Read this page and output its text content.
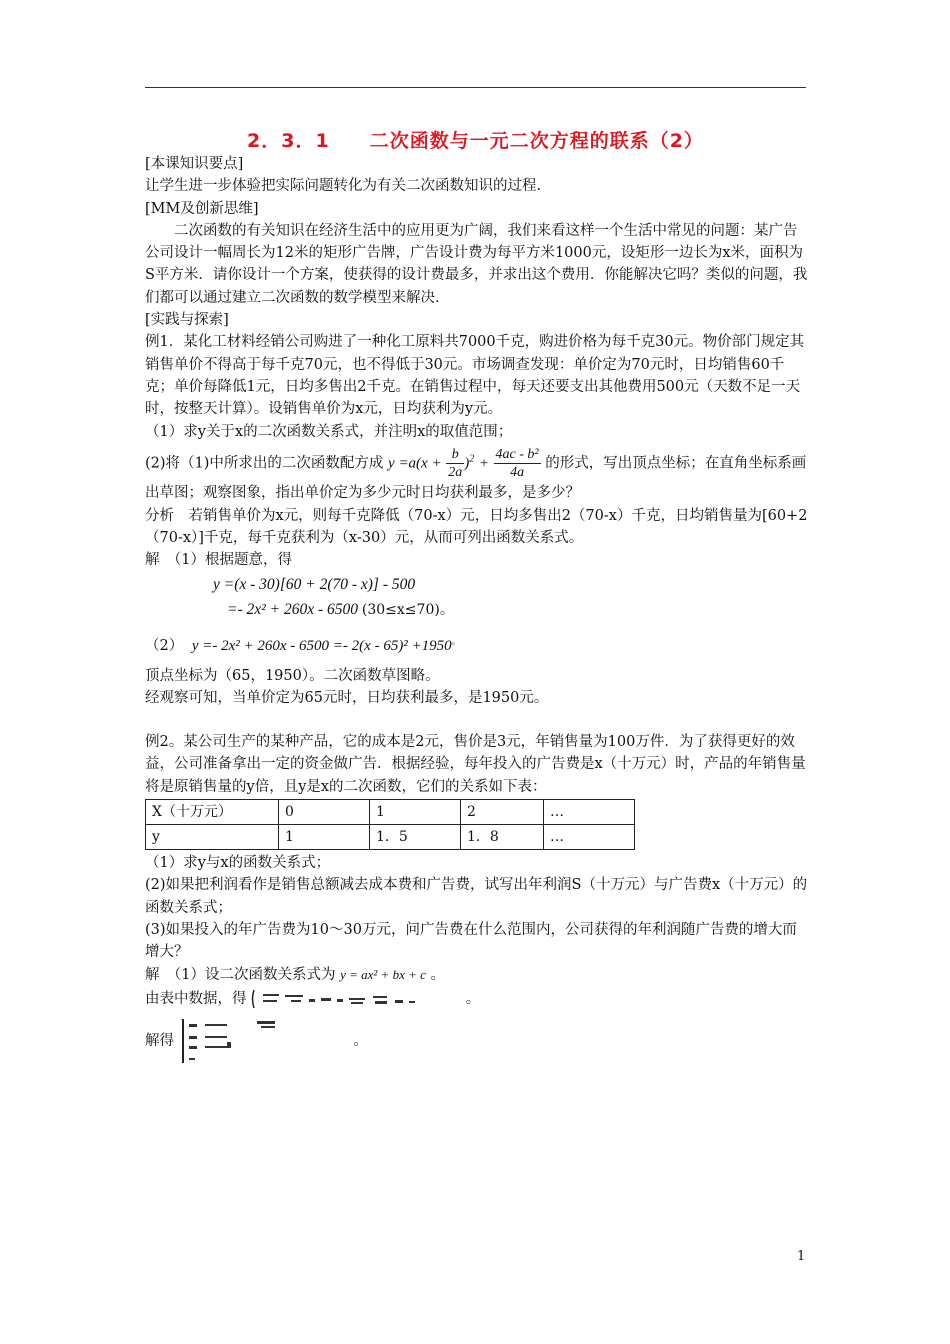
2．3．1　　二次函数与一元二次方程的联系（2）

[本课知识要点]

让学生进一步体验把实际问题转化为有关二次函数知识的过程.

[MM及创新思维]

二次函数的有关知识在经济生活中的应用更为广阔，我们来看这样一个生活中常见的问题：某广告公司设计一幅周长为12米的矩形广告牌，广告设计费为每平方米1000元，设矩形一边长为x米，面积为S平方米．请你设计一个方案，使获得的设计费最多，并求出这个费用．你能解决它吗？类似的问题，我们都可以通过建立二次函数的数学模型来解决．

[实践与探索]

例1．某化工材料经销公司购进了一种化工原料共7000千克，购进价格为每千克30元。物价部门规定其销售单价不得高于每千克70元，也不得低于30元。市场调查发现：单价定为70元时，日均销售60千克；单价每降低1元，日均多售出2千克。在销售过程中，每天还要支出其他费用500元（天数不足一天时，按整天计算）。设销售单价为x元，日均获利为y元。

（1）求y关于x的二次函数关系式，并注明x的取值范围；

(2)将（1)中所求出的二次函数配方成 $y =a(x + \frac{b}{2a} )^2 + \frac{\text{4ac - b²}}{4a}$ 的形式，写出顶点坐标；在直角坐标系画出草图；观察图象，指出单价定为多少元时日均获利最多，是多少？

分析　若销售单价为x元，则每千克降低（70-x）元，日均多售出2（70-x）千克，日均销售量为[60+2（70-x）]千克，每千克获利为（x-30）元，从而可列出函数关系式。

解　（1）根据题意，得

y =(x - 30)[60 + 2(70 - x)] - 500
=- 2x² + 260x - 6500 (30≤x≤70)。

（2） y =- 2x² + 260x - 6500 =- 2(x - 65)² +1950。

顶点坐标为（65，1950）。二次函数草图略。

经观察可知，当单价定为65元时，日均获利最多，是1950元。

例2。某公司生产的某种产品，它的成本是2元，售价是3元，年销售量为100万件．为了获得更好的效益，公司准备拿出一定的资金做广告．根据经验，每年投入的广告费是x（十万元）时，产品的年销售量将是原销售量的y倍，且y是x的二次函数，它们的关系如下表：

X（十万元）	0	1	2	…
y	1	1．5	1．8	…

（1）求y与x的函数关系式；

(2)如果把利润看作是销售总额减去成本费和广告费，试写出年利润S（十万元）与广告费x（十万元）的函数关系式；

(3)如果投入的年广告费为10～30万元，问广告费在什么范围内，公司获得的年利润随广告费的增大而增大？

解　（1）设二次函数关系式为 y = ax² + bx + c 。

由表中数据，得	。

解得	。

1
